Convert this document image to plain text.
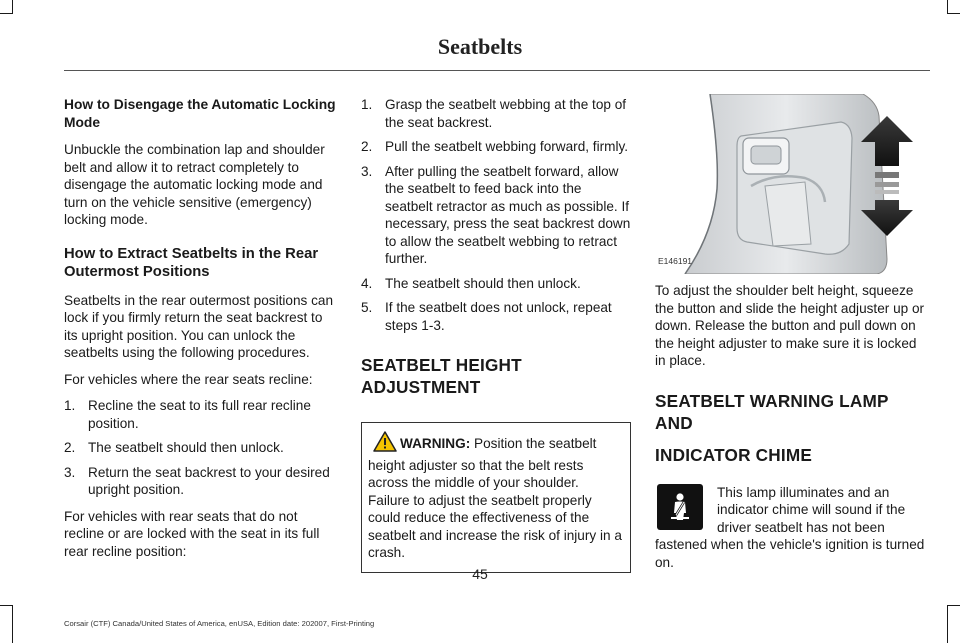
Seatbelts
How to Disengage the Automatic Locking Mode

Unbuckle the combination lap and shoulder belt and allow it to retract completely to disengage the automatic locking mode and turn on the vehicle sensitive (emergency) locking mode.

How to Extract Seatbelts in the Rear Outermost Positions

Seatbelts in the rear outermost positions can lock if you firmly return the seat backrest to its upright position. You can unlock the seatbelts using the following procedures.

For vehicles where the rear seats recline:

1. Recline the seat to its full rear recline position.
2. The seatbelt should then unlock.
3. Return the seat backrest to your desired upright position.

For vehicles with rear seats that do not recline or are locked with the seat in its full rear recline position:

1. Grasp the seatbelt webbing at the top of the seat backrest.
2. Pull the seatbelt webbing forward, firmly.
3. After pulling the seatbelt forward, allow the seatbelt to feed back into the seatbelt retractor as much as possible. If necessary, press the seat backrest down to allow the seatbelt webbing to retract further.
4. The seatbelt should then unlock.
5. If the seatbelt does not unlock, repeat steps 1-3.
SEATBELT HEIGHT ADJUSTMENT
WARNING: Position the seatbelt height adjuster so that the belt rests across the middle of your shoulder. Failure to adjust the seatbelt properly could reduce the effectiveness of the seatbelt and increase the risk of injury in a crash.
E146191

To adjust the shoulder belt height, squeeze the button and slide the height adjuster up or down. Release the button and pull down on the height adjuster to make sure it is locked in place.

SEATBELT WARNING LAMP AND
INDICATOR CHIME
This lamp illuminates and an indicator chime will sound if the driver seatbelt has not been fastened when the vehicle's ignition is turned on.
45
Corsair (CTF) Canada/United States of America, enUSA, Edition date: 202007, First-Printing
